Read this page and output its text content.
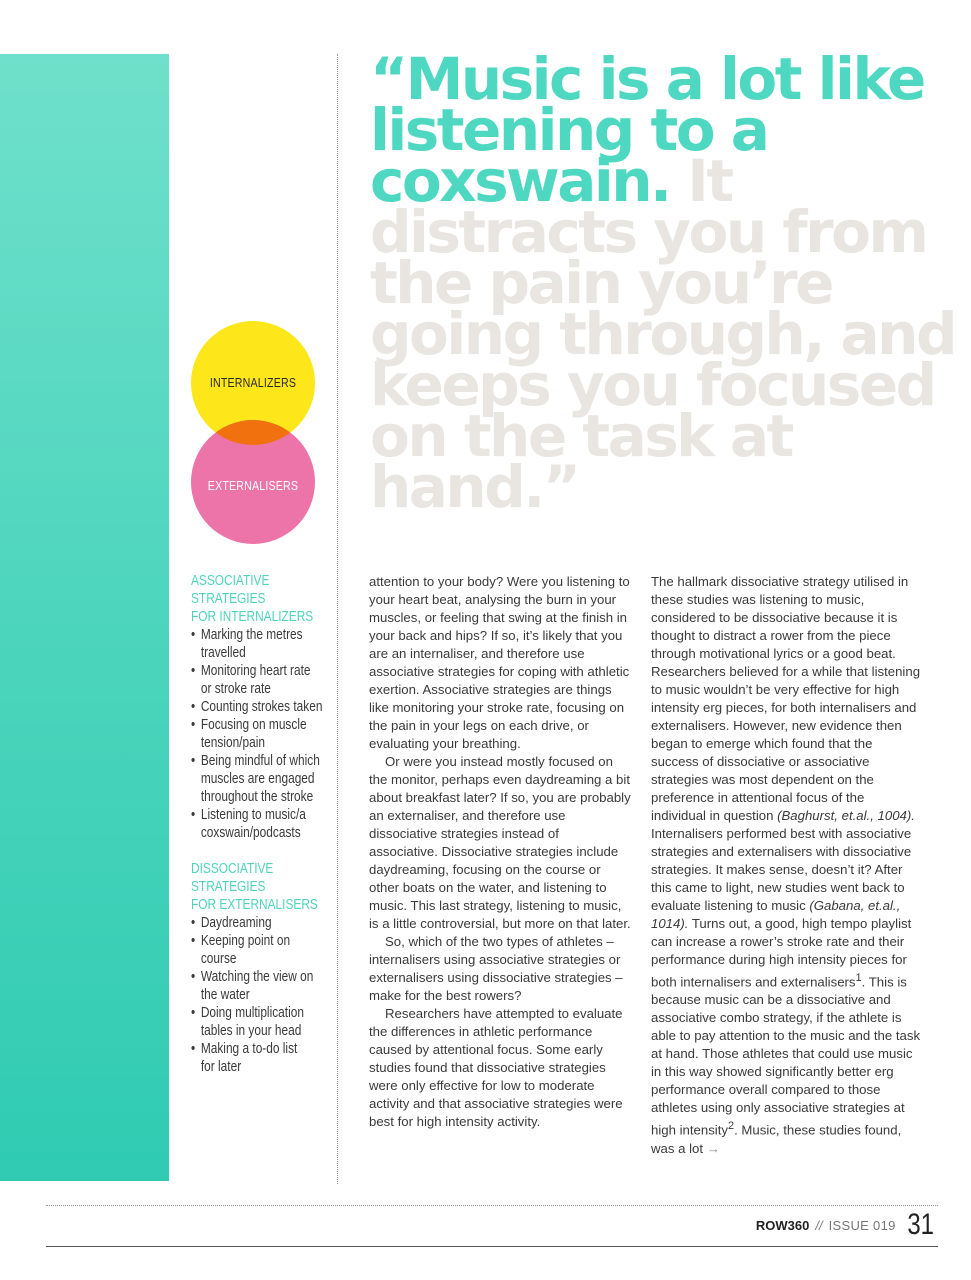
“Music is a lot like listening to a coxswain. It distracts you from the pain you’re going through, and keeps you focused on the task at hand.”
INTERNALIZERS
EXTERNALISERS

ASSOCIATIVE STRATEGIES
FOR INTERNALIZERS

• Marking the metres
travelled
• Monitoring heart rate
or stroke rate
• Counting strokes taken
• Focusing on muscle
tension/pain
• Being mindful of which
muscles are engaged
throughout the stroke
• Listening to music/a
coxswain/podcasts

DISSOCIATIVE STRATEGIES
FOR EXTERNALISERS

• Daydreaming
• Keeping point on
course
• Watching the view on
the water
• Doing multiplication
tables in your head
• Making a to-do list
for later

attention to your body? Were you listening to your heart beat, analysing the burn in your muscles, or feeling that swing at the finish in your back and hips? If so, it’s likely that you are an internaliser, and therefore use associative strategies for coping with athletic exertion. Associative strategies are things like monitoring your stroke rate, focusing on the pain in your legs on each drive, or evaluating your breathing.

Or were you instead mostly focused on the monitor, perhaps even daydreaming a bit about breakfast later? If so, you are probably an externaliser, and therefore use dissociative strategies instead of associative. Dissociative strategies include daydreaming, focusing on the course or other boats on the water, and listening to music. This last strategy, listening to music, is a little controversial, but more on that later.

So, which of the two types of athletes – internalisers using associative strategies or externalisers using dissociative strategies – make for the best rowers?

Researchers have attempted to evaluate the differences in athletic performance caused by attentional focus. Some early studies found that dissociative strategies were only effective for low to moderate activity and that associative strategies were best for high intensity activity.

The hallmark dissociative strategy utilised in these studies was listening to music, considered to be dissociative because it is thought to distract a rower from the piece through motivational lyrics or a good beat. Researchers believed for a while that listening to music wouldn’t be very effective for high intensity erg pieces, for both internalisers and externalisers. However, new evidence then began to emerge which found that the success of dissociative or associative strategies was most dependent on the preference in attentional focus of the individual in question (Baghurst, et.al., 1004). Internalisers performed best with associative strategies and externalisers with dissociative strategies. It makes sense, doesn’t it? After this came to light, new studies went back to evaluate listening to music (Gabana, et.al., 1014). Turns out, a good, high tempo playlist can increase a rower’s stroke rate and their performance during high intensity pieces for both internalisers and externalisers$^1$. This is because music can be a dissociative and associative combo strategy, if the athlete is able to pay attention to the music and the task at hand. Those athletes that could use music in this way showed significantly better erg performance overall compared to those athletes using only associative strategies at high intensity$^2$. Music, these studies found, was a lot →

ROW360 // ISSUE 019 31
